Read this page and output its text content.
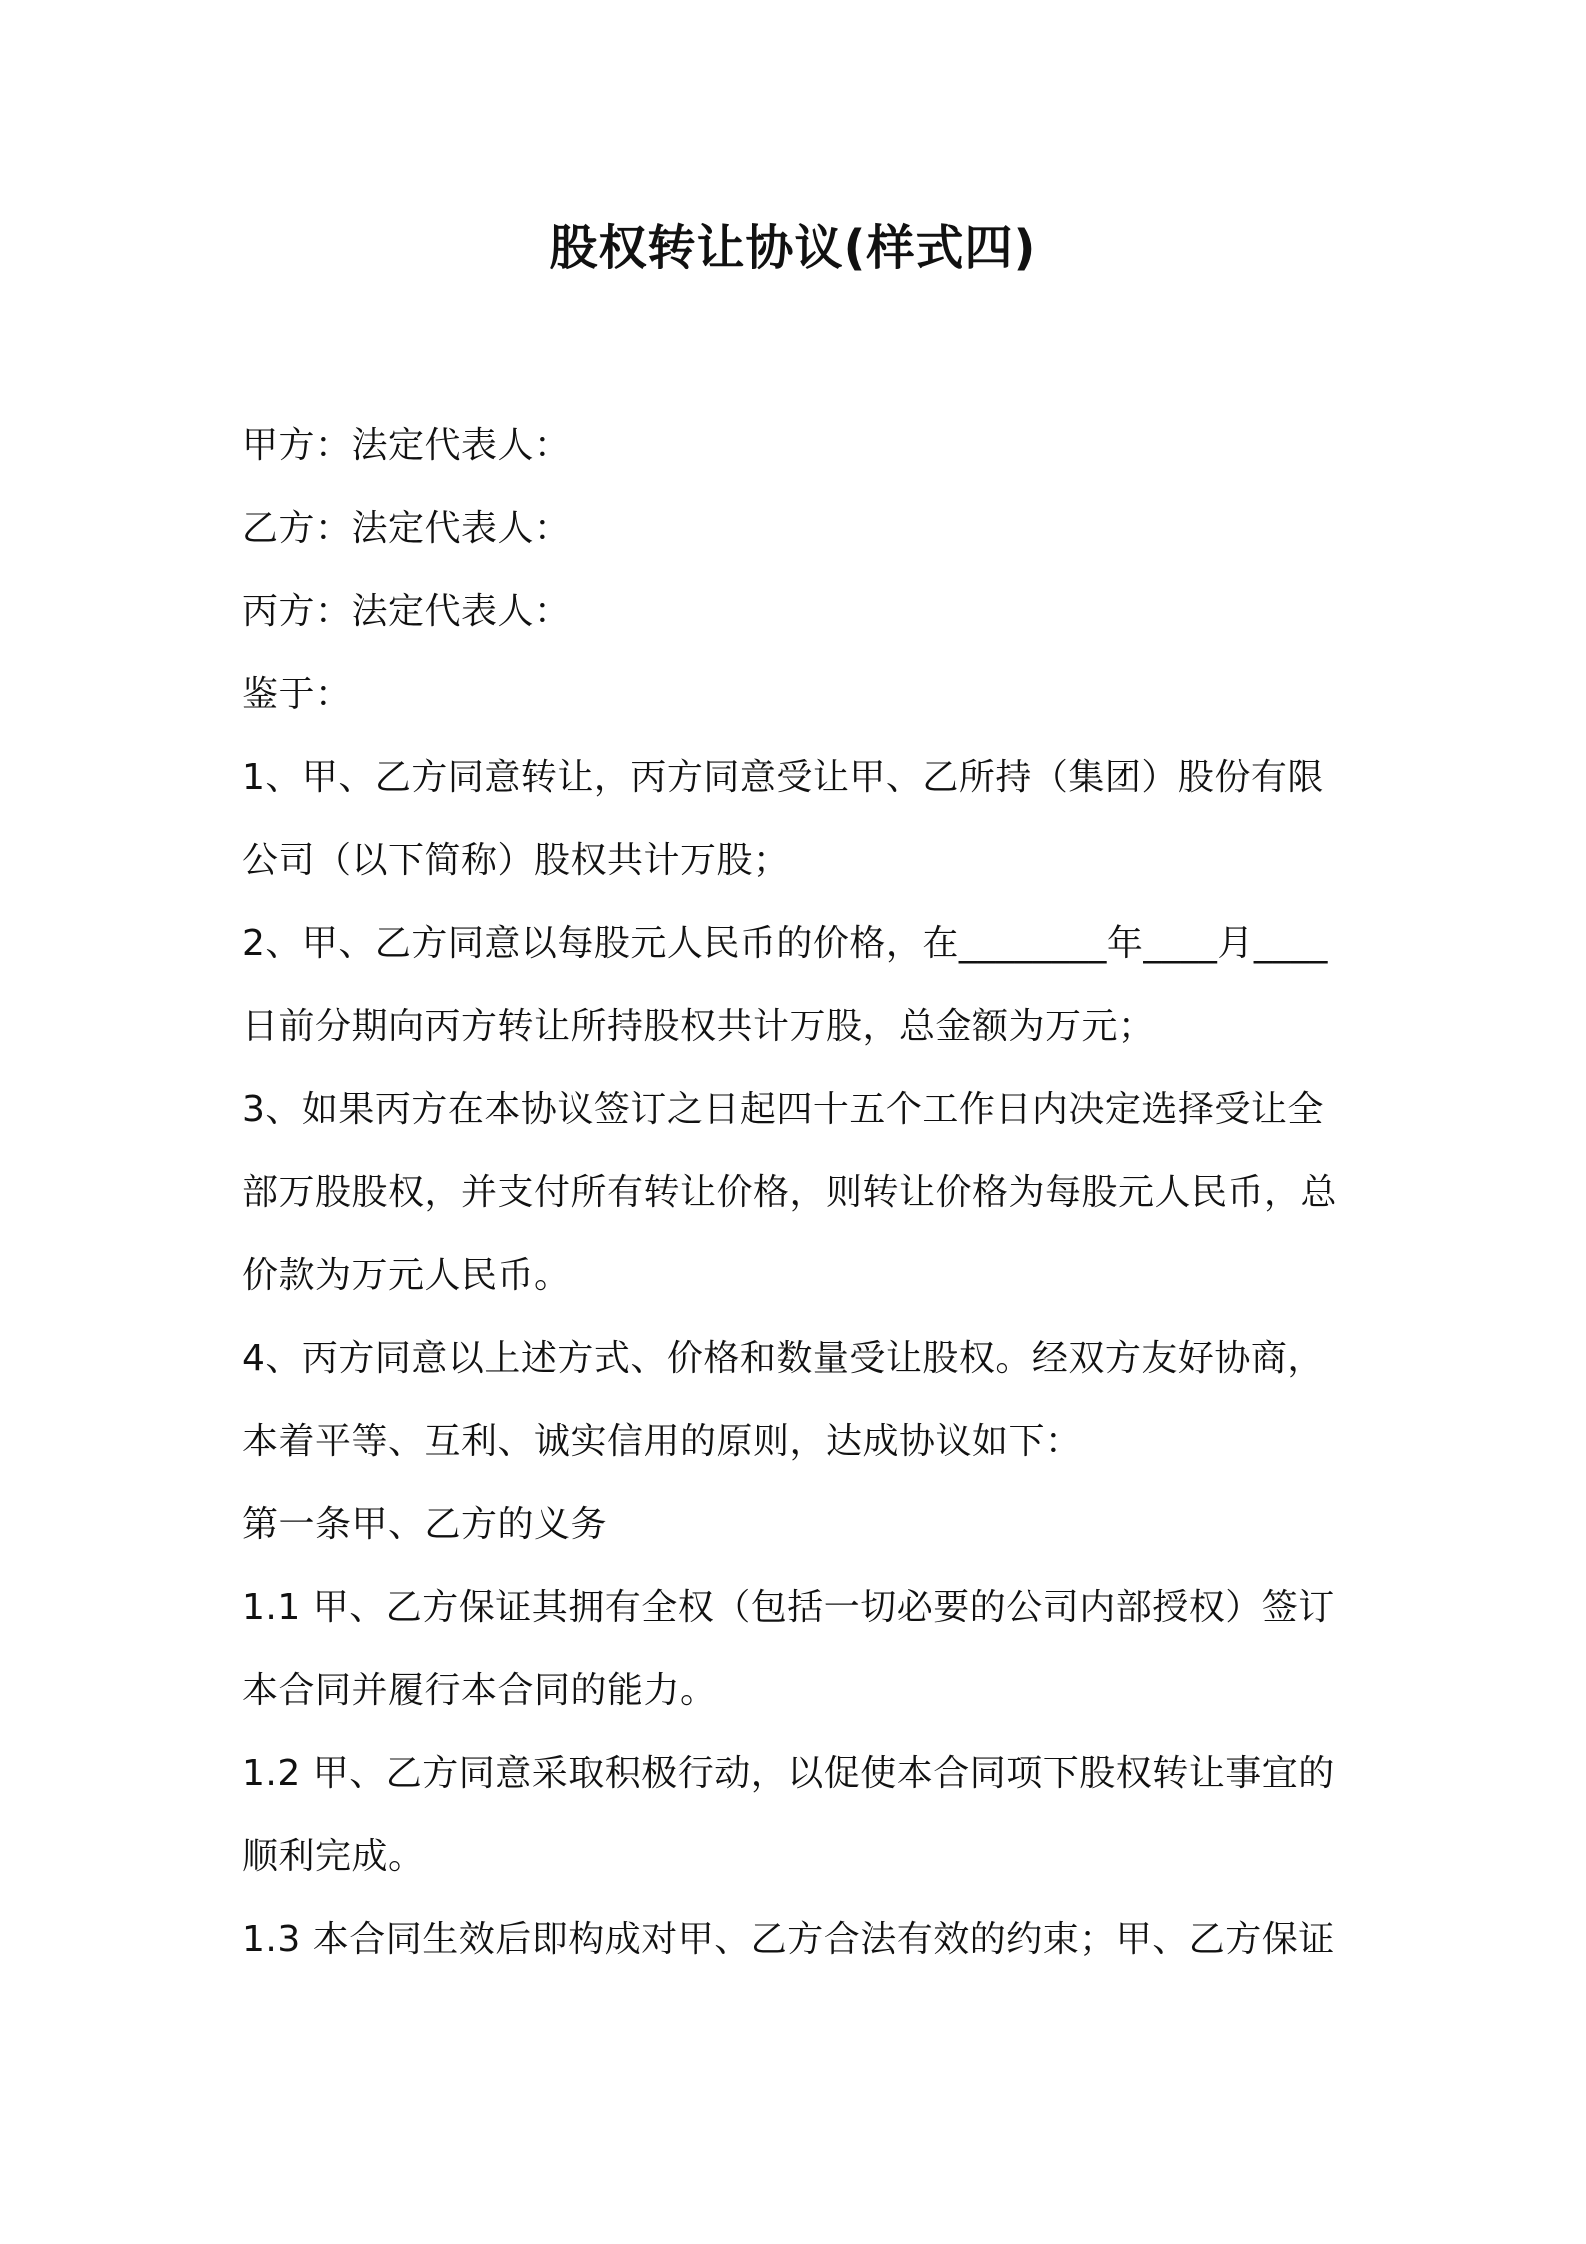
股权转让协议(样式四)

甲方：法定代表人：

乙方：法定代表人：

丙方：法定代表人：

鉴于：

1、甲、乙方同意转让，丙方同意受让甲、乙所持（集团）股份有限

公司（以下简称）股权共计万股；

2、甲、乙方同意以每股元人民币的价格，在________年____月____

日前分期向丙方转让所持股权共计万股，总金额为万元；

3、如果丙方在本协议签订之日起四十五个工作日内决定选择受让全

部万股股权，并支付所有转让价格，则转让价格为每股元人民币，总

价款为万元人民币。

4、丙方同意以上述方式、价格和数量受让股权。经双方友好协商，

本着平等、互利、诚实信用的原则，达成协议如下：

第一条甲、乙方的义务

1.1 甲、乙方保证其拥有全权（包括一切必要的公司内部授权）签订

本合同并履行本合同的能力。

1.2 甲、乙方同意采取积极行动，以促使本合同项下股权转让事宜的

顺利完成。

1.3 本合同生效后即构成对甲、乙方合法有效的约束；甲、乙方保证
